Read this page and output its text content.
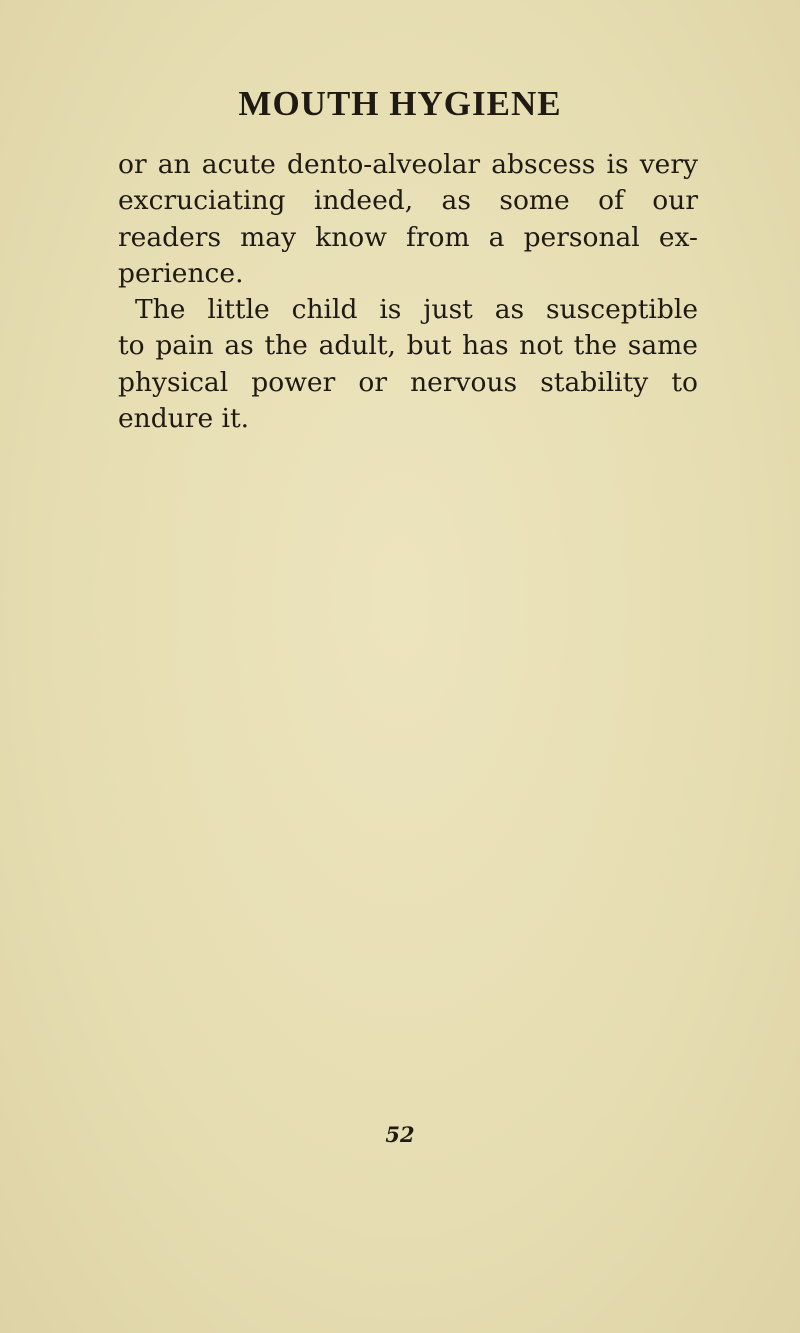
MOUTH HYGIENE
or an acute dento-alveolar abscess is very
excruciating indeed, as some of our
readers may know from a personal ex-
perience.
The little child is just as susceptible
to pain as the adult, but has not the same
physical power or nervous stability to
endure it.

52
